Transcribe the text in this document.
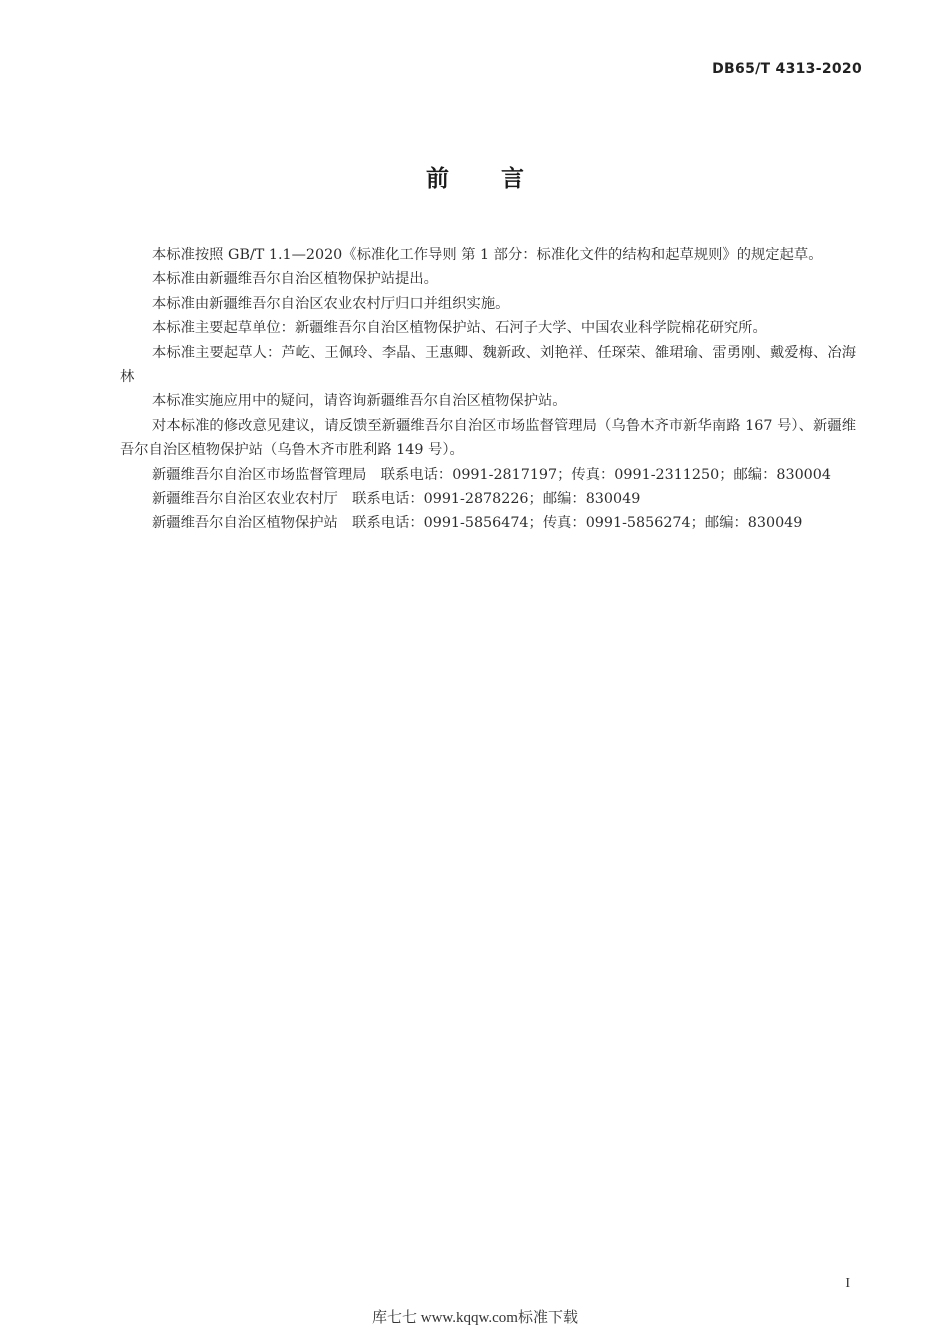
DB65/T 4313-2020
前 言

本标准按照 GB/T 1.1—2020《标准化工作导则 第 1 部分：标准化文件的结构和起草规则》的规定起草。

本标准由新疆维吾尔自治区植物保护站提出。

本标准由新疆维吾尔自治区农业农村厅归口并组织实施。

本标准主要起草单位：新疆维吾尔自治区植物保护站、石河子大学、中国农业科学院棉花研究所。

本标准主要起草人：芦屹、王佩玲、李晶、王惠卿、魏新政、刘艳祥、任琛荣、雒珺瑜、雷勇刚、戴爱梅、冶海林

本标准实施应用中的疑问，请咨询新疆维吾尔自治区植物保护站。

对本标准的修改意见建议，请反馈至新疆维吾尔自治区市场监督管理局（乌鲁木齐市新华南路 167 号）、新疆维吾尔自治区植物保护站（乌鲁木齐市胜利路 149 号）。

新疆维吾尔自治区市场监督管理局　联系电话：0991-2817197；传真：0991-2311250；邮编：830004

新疆维吾尔自治区农业农村厅　联系电话：0991-2878226；邮编：830049

新疆维吾尔自治区植物保护站　联系电话：0991-5856474；传真：0991-5856274；邮编：830049

I
库七七 www.kqqw.com标准下载
